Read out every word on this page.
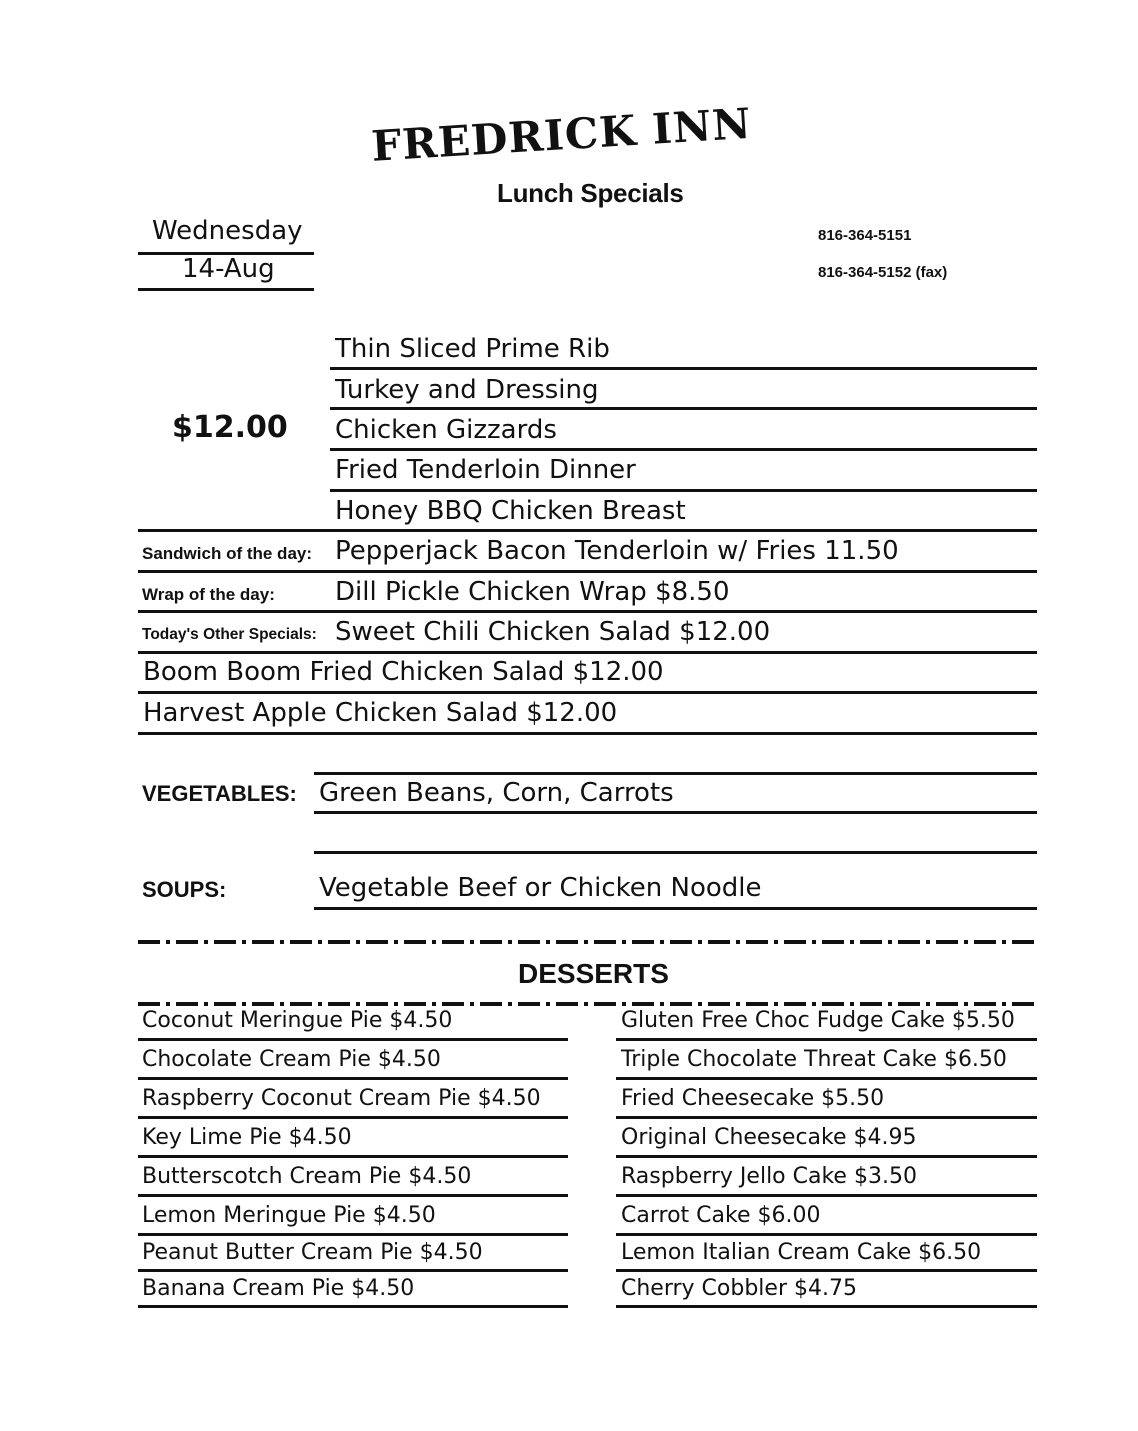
FREDRICK INN
Lunch Specials
Wednesday
14-Aug
816-364-5151
816-364-5152 (fax)
$12.00
Thin Sliced Prime Rib
Turkey and Dressing
Chicken Gizzards
Fried Tenderloin Dinner
Honey BBQ Chicken Breast
Sandwich of the day: Pepperjack Bacon Tenderloin w/ Fries 11.50
Wrap of the day: Dill Pickle Chicken Wrap $8.50
Today's Other Specials: Sweet Chili Chicken Salad $12.00
Boom Boom Fried Chicken Salad $12.00
Harvest Apple Chicken Salad $12.00
VEGETABLES: Green Beans, Corn, Carrots
SOUPS:	Vegetable Beef or Chicken Noodle
DESSERTS
Coconut Meringue Pie $4.50
Chocolate Cream Pie $4.50
Raspberry Coconut Cream Pie $4.50
Key Lime Pie $4.50
Butterscotch Cream Pie $4.50
Lemon Meringue Pie $4.50
Peanut Butter Cream Pie $4.50
Banana Cream Pie $4.50
Gluten Free Choc Fudge Cake $5.50
Triple Chocolate Threat Cake $6.50
Fried Cheesecake $5.50
Original Cheesecake $4.95
Raspberry Jello Cake $3.50
Carrot Cake $6.00
Lemon Italian Cream Cake $6.50
Cherry Cobbler $4.75
